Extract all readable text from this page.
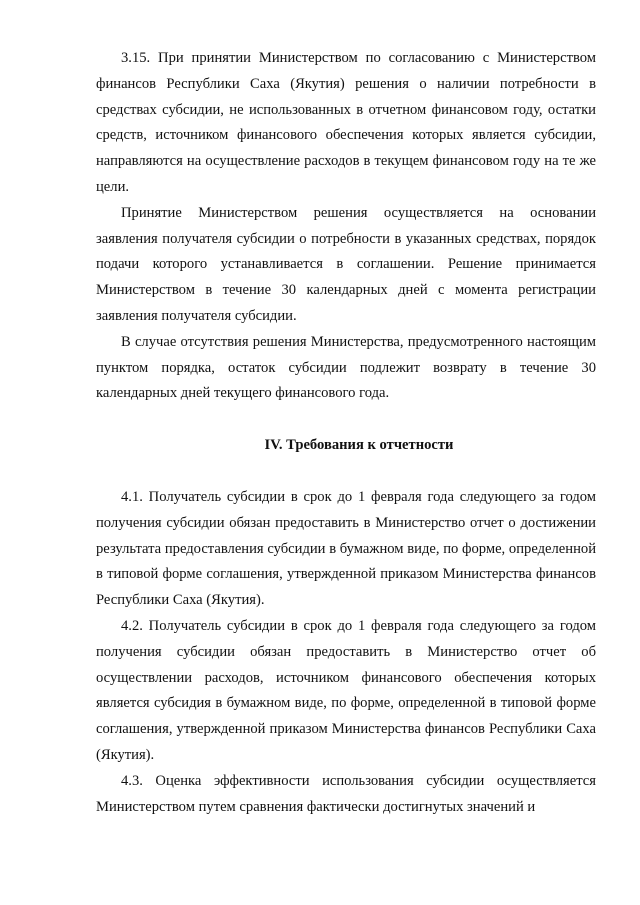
3.15. При принятии Министерством по согласованию с Министерством финансов Республики Саха (Якутия) решения о наличии потребности в средствах субсидии, не использованных в отчетном финансовом году, остатки средств, источником финансового обеспечения которых является субсидии, направляются на осуществление расходов в текущем финансовом году на те же цели.

Принятие Министерством решения осуществляется на основании заявления получателя субсидии о потребности в указанных средствах, порядок подачи которого устанавливается в соглашении. Решение принимается Министерством в течение 30 календарных дней с момента регистрации заявления получателя субсидии.

В случае отсутствия решения Министерства, предусмотренного настоящим пунктом порядка, остаток субсидии подлежит возврату в течение 30 календарных дней текущего финансового года.

IV. Требования к отчетности

4.1. Получатель субсидии в срок до 1 февраля года следующего за годом получения субсидии обязан предоставить в Министерство отчет о достижении результата предоставления субсидии в бумажном виде, по форме, определенной в типовой форме соглашения, утвержденной приказом Министерства финансов Республики Саха (Якутия).

4.2. Получатель субсидии в срок до 1 февраля года следующего за годом получения субсидии обязан предоставить в Министерство отчет об осуществлении расходов, источником финансового обеспечения которых является субсидия в бумажном виде, по форме, определенной в типовой форме соглашения, утвержденной приказом Министерства финансов Республики Саха (Якутия).

4.3. Оценка эффективности использования субсидии осуществляется Министерством путем сравнения фактически достигнутых значений и
